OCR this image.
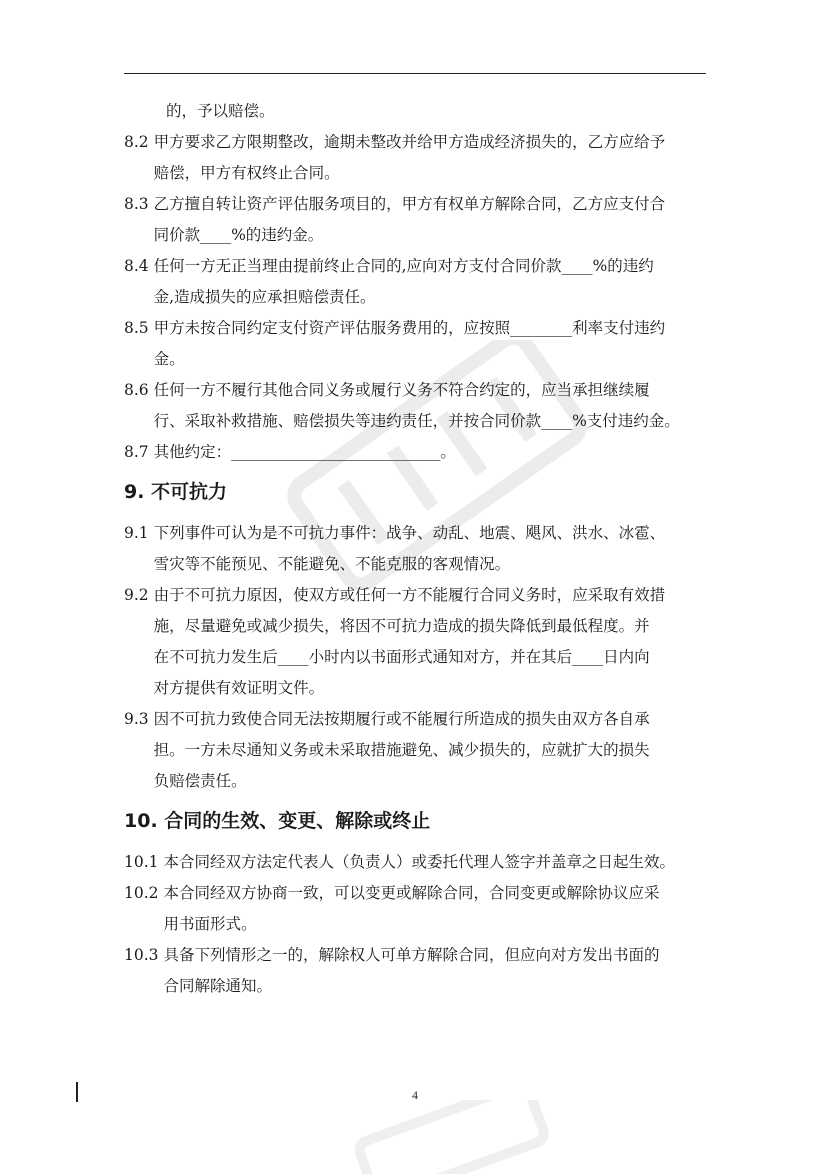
的，予以赔偿。
8.2 甲方要求乙方限期整改，逾期未整改并给甲方造成经济损失的，乙方应给予
赔偿，甲方有权终止合同。
8.3 乙方擅自转让资产评估服务项目的，甲方有权单方解除合同，乙方应支付合
同价款____%的违约金。
8.4 任何一方无正当理由提前终止合同的,应向对方支付合同价款____%的违约
金,造成损失的应承担赔偿责任。
8.5 甲方未按合同约定支付资产评估服务费用的，应按照________利率支付违约
金。
8.6 任何一方不履行其他合同义务或履行义务不符合约定的，应当承担继续履
行、采取补救措施、赔偿损失等违约责任，并按合同价款____%支付违约金。
8.7 其他约定：___________________________。
9. 不可抗力
9.1 下列事件可认为是不可抗力事件：战争、动乱、地震、飓风、洪水、冰雹、
雪灾等不能预见、不能避免、不能克服的客观情况。
9.2 由于不可抗力原因，使双方或任何一方不能履行合同义务时，应采取有效措
施，尽量避免或减少损失，将因不可抗力造成的损失降低到最低程度。并
在不可抗力发生后____小时内以书面形式通知对方，并在其后____日内向
对方提供有效证明文件。
9.3 因不可抗力致使合同无法按期履行或不能履行所造成的损失由双方各自承
担。一方未尽通知义务或未采取措施避免、减少损失的，应就扩大的损失
负赔偿责任。
10. 合同的生效、变更、解除或终止
10.1 本合同经双方法定代表人（负责人）或委托代理人签字并盖章之日起生效。
10.2 本合同经双方协商一致，可以变更或解除合同，合同变更或解除协议应采
用书面形式。
10.3 具备下列情形之一的，解除权人可单方解除合同，但应向对方发出书面的
合同解除通知。
4
